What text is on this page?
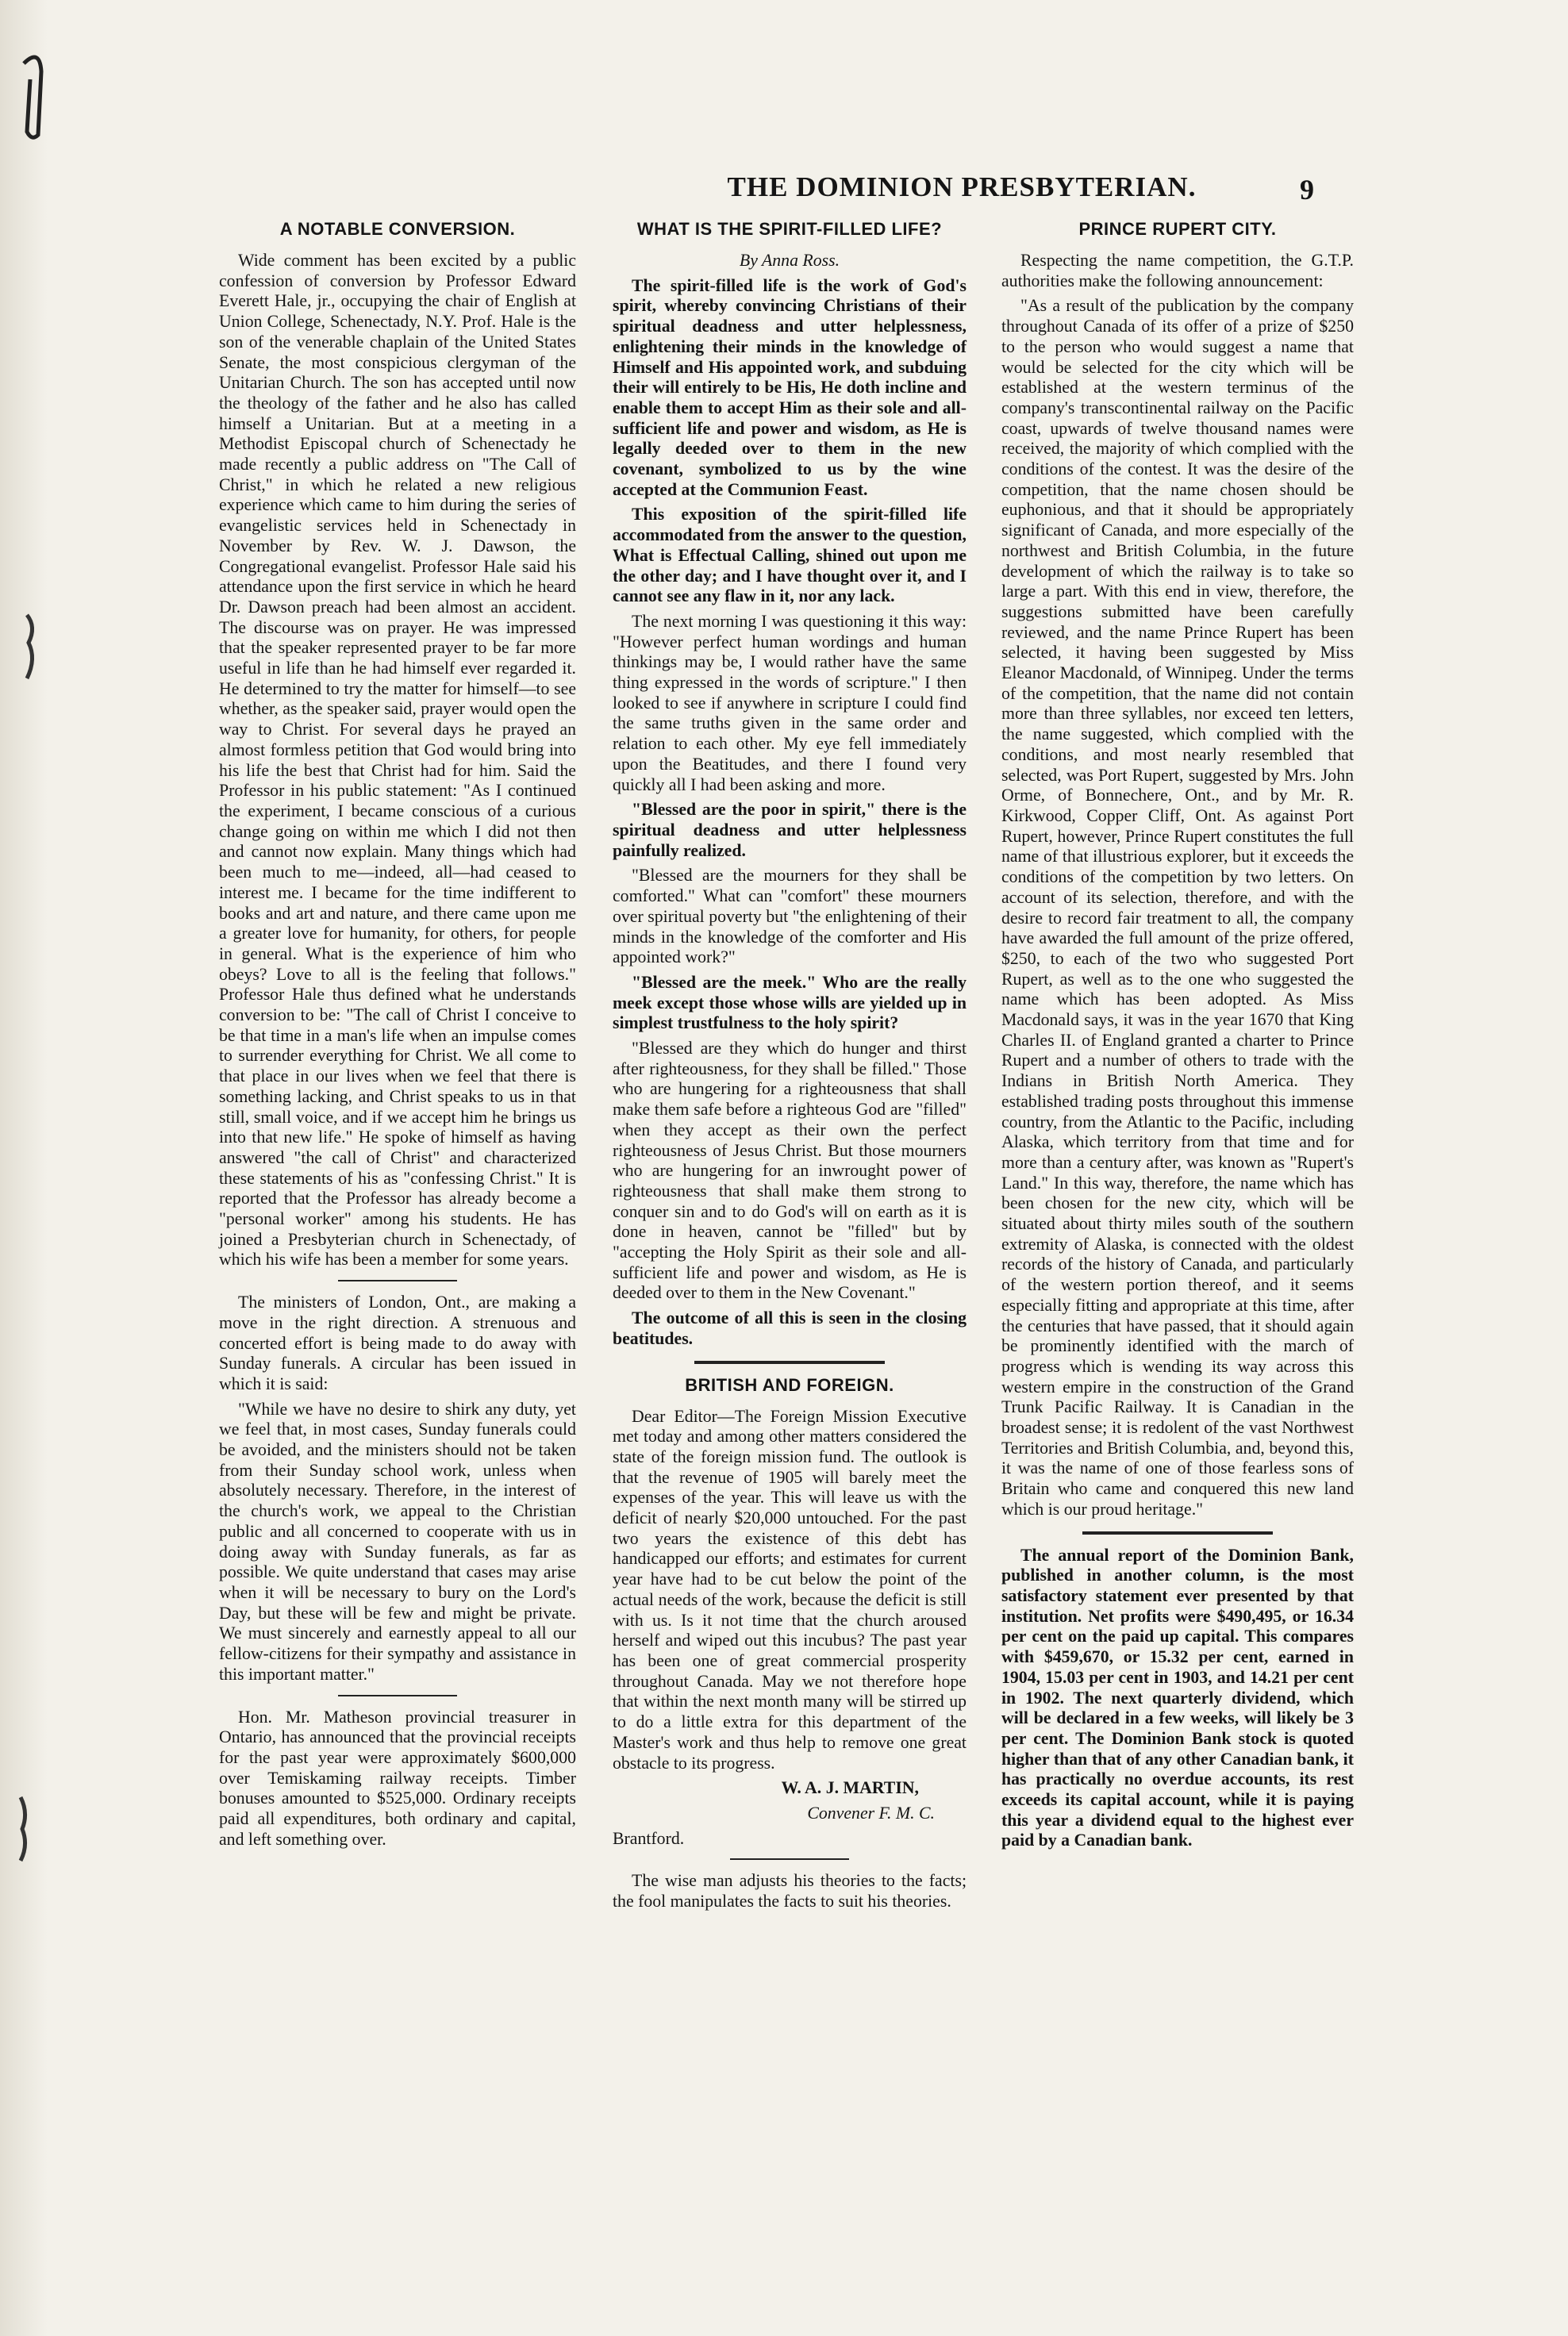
THE DOMINION PRESBYTERIAN.	9
A NOTABLE CONVERSION.

Wide comment has been excited by a public confession of conversion by Professor Edward Everett Hale, jr., occupying the chair of English at Union College, Schenectady, N.Y. Prof. Hale is the son of the venerable chaplain of the United States Senate, the most conspicious clergyman of the Unitarian Church. The son has accepted until now the theology of the father and he also has called himself a Unitarian. But at a meeting in a Methodist Episcopal church of Schenectady he made recently a public address on "The Call of Christ," in which he related a new religious experience which came to him during the series of evangelistic services held in Schenectady in November by Rev. W. J. Dawson, the Congregational evangelist. Professor Hale said his attendance upon the first service in which he heard Dr. Dawson preach had been almost an accident. The discourse was on prayer. He was impressed that the speaker represented prayer to be far more useful in life than he had himself ever regarded it. He determined to try the matter for himself—to see whether, as the speaker said, prayer would open the way to Christ. For several days he prayed an almost formless petition that God would bring into his life the best that Christ had for him. Said the Professor in his public statement: "As I continued the experiment, I became conscious of a curious change going on within me which I did not then and cannot now explain. Many things which had been much to me—indeed, all—had ceased to interest me. I became for the time indifferent to books and art and nature, and there came upon me a greater love for humanity, for others, for people in general. What is the experience of him who obeys? Love to all is the feeling that follows." Professor Hale thus defined what he understands conversion to be: "The call of Christ I conceive to be that time in a man's life when an impulse comes to surrender everything for Christ. We all come to that place in our lives when we feel that there is something lacking, and Christ speaks to us in that still, small voice, and if we accept him he brings us into that new life." He spoke of himself as having answered "the call of Christ" and characterized these statements of his as "confessing Christ." It is reported that the Professor has already become a "personal worker" among his students. He has joined a Presbyterian church in Schenectady, of which his wife has been a member for some years.

The ministers of London, Ont., are making a move in the right direction. A strenuous and concerted effort is being made to do away with Sunday funerals. A circular has been issued in which it is said:

"While we have no desire to shirk any duty, yet we feel that, in most cases, Sunday funerals could be avoided, and the ministers should not be taken from their Sunday school work, unless when absolutely necessary. Therefore, in the interest of the church's work, we appeal to the Christian public and all concerned to cooperate with us in doing away with Sunday funerals, as far as possible. We quite understand that cases may arise when it will be necessary to bury on the Lord's Day, but these will be few and might be private. We must sincerely and earnestly appeal to all our fellow-citizens for their sympathy and assistance in this important matter."

Hon. Mr. Matheson provincial treasurer in Ontario, has announced that the provincial receipts for the past year were approximately $600,000 over Temiskaming railway receipts. Timber bonuses amounted to $525,000. Ordinary receipts paid all expenditures, both ordinary and capital, and left something over.

WHAT IS THE SPIRIT-FILLED LIFE?

By Anna Ross.

The spirit-filled life is the work of God's spirit, whereby convincing Christians of their spiritual deadness and utter helplessness, enlightening their minds in the knowledge of Himself and His appointed work, and subduing their will entirely to be His, He doth incline and enable them to accept Him as their sole and all-sufficient life and power and wisdom, as He is legally deeded over to them in the new covenant, symbolized to us by the wine accepted at the Communion Feast.

This exposition of the spirit-filled life accommodated from the answer to the question, What is Effectual Calling, shined out upon me the other day; and I have thought over it, and I cannot see any flaw in it, nor any lack.

The next morning I was questioning it this way: "However perfect human wordings and human thinkings may be, I would rather have the same thing expressed in the words of scripture." I then looked to see if anywhere in scripture I could find the same truths given in the same order and relation to each other. My eye fell immediately upon the Beatitudes, and there I found very quickly all I had been asking and more.

"Blessed are the poor in spirit," there is the spiritual deadness and utter helplessness painfully realized.

"Blessed are the mourners for they shall be comforted." What can "comfort" these mourners over spiritual poverty but "the enlightening of their minds in the knowledge of the comforter and His appointed work?"

"Blessed are the meek." Who are the really meek except those whose wills are yielded up in simplest trustfulness to the holy spirit?

"Blessed are they which do hunger and thirst after righteousness, for they shall be filled." Those who are hungering for a righteousness that shall make them safe before a righteous God are "filled" when they accept as their own the perfect righteousness of Jesus Christ. But those mourners who are hungering for an inwrought power of righteousness that shall make them strong to conquer sin and to do God's will on earth as it is done in heaven, cannot be "filled" but by "accepting the Holy Spirit as their sole and all-sufficient life and power and wisdom, as He is deeded over to them in the New Covenant."

The outcome of all this is seen in the closing beatitudes.

BRITISH AND FOREIGN.

Dear Editor—The Foreign Mission Executive met today and among other matters considered the state of the foreign mission fund. The outlook is that the revenue of 1905 will barely meet the expenses of the year. This will leave us with the deficit of nearly $20,000 untouched. For the past two years the existence of this debt has handicapped our efforts; and estimates for current year have had to be cut below the point of the actual needs of the work, because the deficit is still with us. Is it not time that the church aroused herself and wiped out this incubus? The past year has been one of great commercial prosperity throughout Canada. May we not therefore hope that within the next month many will be stirred up to do a little extra for this department of the Master's work and thus help to remove one great obstacle to its progress.

W. A. J. MARTIN,

Convener F. M. C.

Brantford.

The wise man adjusts his theories to the facts; the fool manipulates the facts to suit his theories.

PRINCE RUPERT CITY.

Respecting the name competition, the G.T.P. authorities make the following announcement:

"As a result of the publication by the company throughout Canada of its offer of a prize of $250 to the person who would suggest a name that would be selected for the city which will be established at the western terminus of the company's transcontinental railway on the Pacific coast, upwards of twelve thousand names were received, the majority of which complied with the conditions of the contest. It was the desire of the competition, that the name chosen should be euphonious, and that it should be appropriately significant of Canada, and more especially of the northwest and British Columbia, in the future development of which the railway is to take so large a part. With this end in view, therefore, the suggestions submitted have been carefully reviewed, and the name Prince Rupert has been selected, it having been suggested by Miss Eleanor Macdonald, of Winnipeg. Under the terms of the competition, that the name did not contain more than three syllables, nor exceed ten letters, the name suggested, which complied with the conditions, and most nearly resembled that selected, was Port Rupert, suggested by Mrs. John Orme, of Bonnechere, Ont., and by Mr. R. Kirkwood, Copper Cliff, Ont. As against Port Rupert, however, Prince Rupert constitutes the full name of that illustrious explorer, but it exceeds the conditions of the competition by two letters. On account of its selection, therefore, and with the desire to record fair treatment to all, the company have awarded the full amount of the prize offered, $250, to each of the two who suggested Port Rupert, as well as to the one who suggested the name which has been adopted. As Miss Macdonald says, it was in the year 1670 that King Charles II. of England granted a charter to Prince Rupert and a number of others to trade with the Indians in British North America. They established trading posts throughout this immense country, from the Atlantic to the Pacific, including Alaska, which territory from that time and for more than a century after, was known as "Rupert's Land." In this way, therefore, the name which has been chosen for the new city, which will be situated about thirty miles south of the southern extremity of Alaska, is connected with the oldest records of the history of Canada, and particularly of the western portion thereof, and it seems especially fitting and appropriate at this time, after the centuries that have passed, that it should again be prominently identified with the march of progress which is wending its way across this western empire in the construction of the Grand Trunk Pacific Railway. It is Canadian in the broadest sense; it is redolent of the vast Northwest Territories and British Columbia, and, beyond this, it was the name of one of those fearless sons of Britain who came and conquered this new land which is our proud heritage."

The annual report of the Dominion Bank, published in another column, is the most satisfactory statement ever presented by that institution. Net profits were $490,495, or 16.34 per cent on the paid up capital. This compares with $459,670, or 15.32 per cent, earned in 1904, 15.03 per cent in 1903, and 14.21 per cent in 1902. The next quarterly dividend, which will be declared in a few weeks, will likely be 3 per cent. The Dominion Bank stock is quoted higher than that of any other Canadian bank, it has practically no overdue accounts, its rest exceeds its capital account, while it is paying this year a dividend equal to the highest ever paid by a Canadian bank.
